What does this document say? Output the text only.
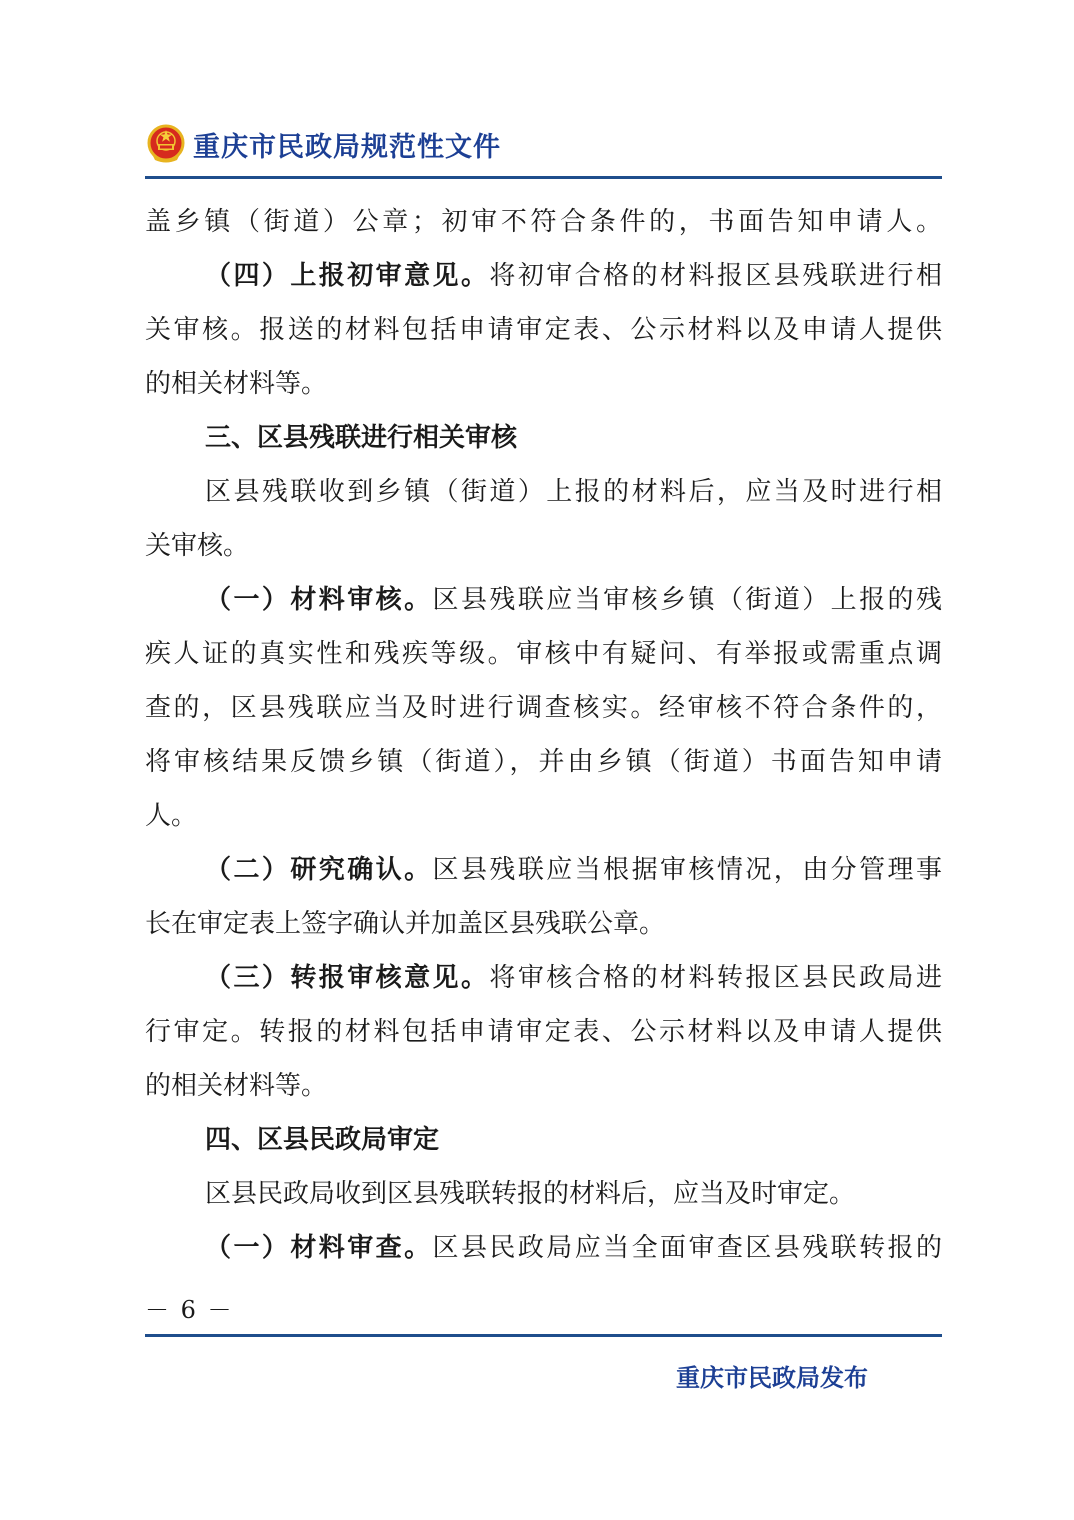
重庆市民政局规范性文件
盖乡镇（街道）公章；初审不符合条件的，书面告知申请人。
（四）上报初审意见。将初审合格的材料报区县残联进行相
关审核。报送的材料包括申请审定表、公示材料以及申请人提供
的相关材料等。
三、区县残联进行相关审核
区县残联收到乡镇（街道）上报的材料后，应当及时进行相
关审核。
（一）材料审核。区县残联应当审核乡镇（街道）上报的残
疾人证的真实性和残疾等级。审核中有疑问、有举报或需重点调
查的，区县残联应当及时进行调查核实。经审核不符合条件的，
将审核结果反馈乡镇（街道），并由乡镇（街道）书面告知申请
人。
（二）研究确认。区县残联应当根据审核情况，由分管理事
长在审定表上签字确认并加盖区县残联公章。
（三）转报审核意见。将审核合格的材料转报区县民政局进
行审定。转报的材料包括申请审定表、公示材料以及申请人提供
的相关材料等。
四、区县民政局审定
区县民政局收到区县残联转报的材料后，应当及时审定。
（一）材料审查。区县民政局应当全面审查区县残联转报的
－ 6 －
重庆市民政局发布
